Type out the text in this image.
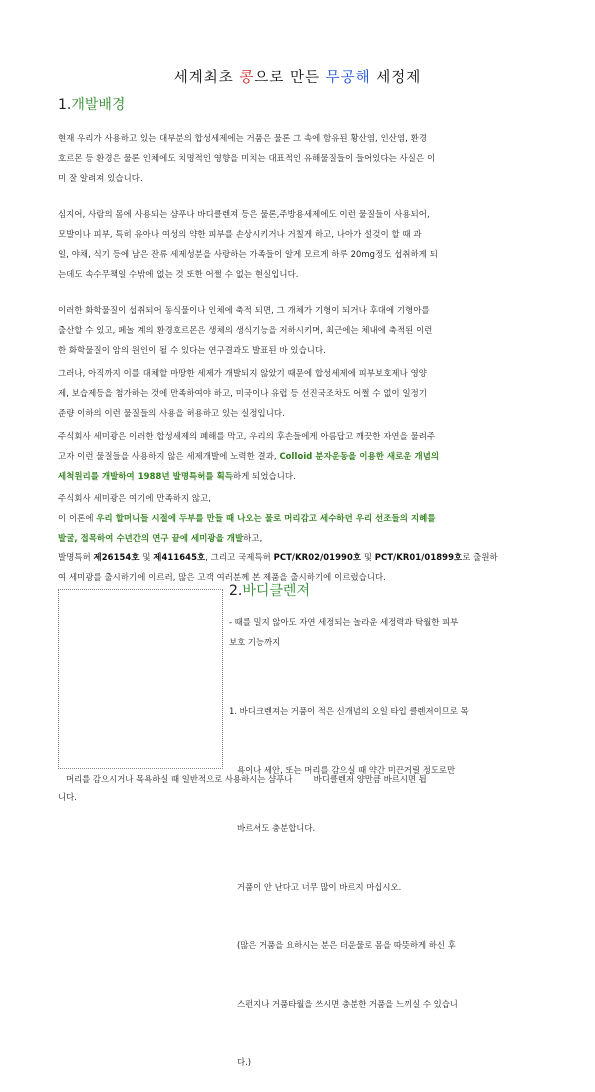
세계최초 콩으로 만든 무공해 세정제
1.개발배경
현재 우리가 사용하고 있는 대부분의 합성세제에는 거품은 물론 그 속에 함유된 황산염, 인산염, 환경
호르몬 등 환경은 물론 인체에도 치명적인 영향을 미치는 대표적인 유해물질들이 들어있다는 사실은 이
미 잘 알려져 있습니다.
심지어, 사람의 몸에 사용되는 샴푸나 바디클렌져 등은 물론,주방용세제에도 이런 물질들이 사용되어,
모발이나 피부, 특히 유아나 여성의 약한 피부를 손상시키거나 거칠게 하고, 나아가 설겆이 할 때 과
일, 야채, 식기 등에 남은 잔류 세제성분을 사랑하는 가족들이 알게 모르게 하루 20mg정도 섭취하게 되
는데도 속수무책일 수밖에 없는 것 또한 어쩔 수 없는 현실입니다.
이러한 화학물질이 섭취되어 동식물이나 인체에 축적 되면, 그 개체가 기형이 되거나 후대에 기형아를
출산할 수 있고, 페놀 계의 환경호르몬은 생체의 생식기능을 저하시키며, 최근에는 체내에 축적된 이런
한 화학물질이 암의 원인이 될 수 있다는 연구결과도 발표된 바 있습니다.
그러나, 아직까지 이를 대체할 마땅한 세제가 개발되지 않았기 때문에 합성세제에 피부보호제나 영양
제, 보습제등을 첨가하는 것에 만족하여야 하고, 미국이나 유럽 등 선진국조차도 어쩔 수 없이 일정기
준량 이하의 이런 물질들의 사용을 허용하고 있는 실정입니다.
주식회사 세미광은 이러한 합성세제의 폐해를 막고, 우리의 후손들에게 아름답고 깨끗한 자연을 물려주
고자 이런 물질들을 사용하지 않은 세제개발에 노력한 결과, Colloid 분자운동을 이용한 새로운 개념의
세척원리를 개발하여 1988년 발명특허를 획득하게 되었습니다.
주식회사 세미광은 여기에 만족하지 않고,
이 이론에 우리 할머니들 시절에 두부를 만들 때 나오는 물로 머리감고 세수하던 우리 선조들의 지혜를
발굴, 접목하여 수년간의 연구 끝에 세미광을 개발하고,
발명특허 제26154호 및 제411645호, 그리고 국제특허 PCT/KR02/01990호 및 PCT/KR01/01899호로 출원하
여 세미광를 출시하기에 이르러, 많은 고객 여러분께 본 제품을 출시하기에 이르렀습니다.
2.바디클렌져
- 때를 밀지 않아도 자연 세정되는 놀라운 세정력과 탁월한 피부
보호 기능까지

1. 바디크렌져는 거품이 적은 신개념의 오일 타입 클렌저이므로 목

욕이나 세안, 또는 머리를 감으실 때 약간 미끈거릴 정도로만

바르셔도 충분합니다.

거품이 안 난다고 너무 많이 바르지 마십시오.

(많은 거품을 요하시는 분은 더운물로 몸을 따뜻하게 하신 후

스펀지나 거품타월을 쓰시면 충분한 거품을 느끼실 수 있습니

다.)

머리를 감으시거나 목욕하실 때 일반적으로 사용하시는 샴푸나        바디클렌저 양만큼 바르시면 됩
니다.
